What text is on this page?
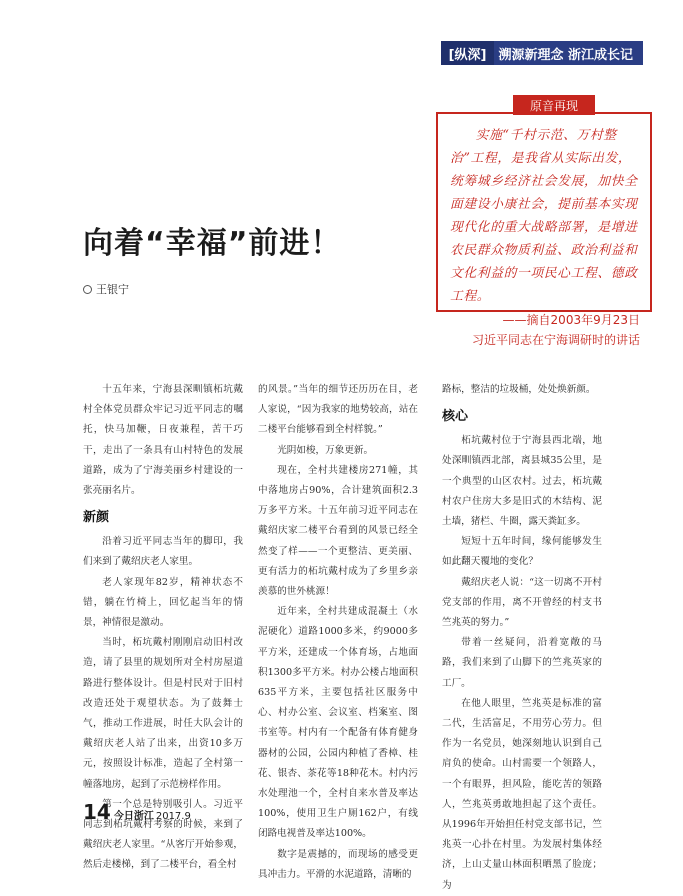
[纵深] 溯源新理念 浙江成长记
实施“千村示范、万村整治”工程，是我省从实际出发，统筹城乡经济社会发展，加快全面建设小康社会，提前基本实现现代化的重大战略部署，是增进农民群众物质利益、政治利益和文化利益的一项民心工程、德政工程。
——摘自2003年9月23日
习近平同志在宁海调研时的讲话
原音再现
向着“幸福”前进！
王银宁

十五年来，宁海县深甽镇柘坑戴村全体党员群众牢记习近平同志的嘱托，快马加鞭，日夜兼程，苦干巧干，走出了一条具有山村特色的发展道路，成为了宁海美丽乡村建设的一张亮丽名片。

新颜

沿着习近平同志当年的脚印，我们来到了戴绍庆老人家里。

老人家现年82岁，精神状态不错，躺在竹椅上，回忆起当年的情景，神情很是激动。

当时，柘坑戴村刚刚启动旧村改造，请了县里的规划所对全村房屋道路进行整体设计。但是村民对于旧村改造还处于观望状态。为了鼓舞士气，推动工作进展，时任大队会计的戴绍庆老人站了出来，出资10多万元，按照设计标准，造起了全村第一幢落地房，起到了示范榜样作用。

第一个总是特别吸引人。习近平同志到柘坑戴村考察的时候，来到了戴绍庆老人家里。“从客厅开始参观，然后走楼梯，到了二楼平台，看全村

的风景。”当年的细节还历历在目，老人家说，“因为我家的地势较高，站在二楼平台能够看到全村样貌。”

光阴如梭，万象更新。

现在，全村共建楼房271幢，其中落地房占90%，合计建筑面积2.3万多平方米。十五年前习近平同志在戴绍庆家二楼平台看到的风景已经全然变了样——一个更整洁、更美丽、更有活力的柘坑戴村成为了乡里乡亲羡慕的世外桃源！

近年来，全村共建成混凝土（水泥硬化）道路1000多米，约9000多平方米，还建成一个体育场，占地面积1300多平方米。村办公楼占地面积635平方米，主要包括社区服务中心、村办公室、会议室、档案室、图书室等。村内有一个配备有体育健身器材的公园，公园内种植了香樟、桂花、银杏、茶花等18种花木。村内污水处理池一个，全村自来水普及率达100%，使用卫生户厕162户，有线闭路电视普及率达100%。

数字是震撼的，而现场的感受更具冲击力。平滑的水泥道路，清晰的

路标，整洁的垃圾桶，处处焕新颜。

核心

柘坑戴村位于宁海县西北端，地处深甽镇西北部，离县城35公里，是一个典型的山区农村。过去，柘坑戴村农户住房大多是旧式的木结构、泥土墙，猪栏、牛圈，露天粪缸多。

短短十五年时间，缘何能够发生如此翻天覆地的变化？

戴绍庆老人说：“这一切离不开村党支部的作用，离不开曾经的村支书竺兆英的努力。”

带着一丝疑问，沿着宽敞的马路，我们来到了山脚下的竺兆英家的工厂。

在他人眼里，竺兆英是标准的富二代，生活富足，不用劳心劳力。但作为一名党员，她深刻地认识到自己肩负的使命。山村需要一个领路人，一个有眼界，担风险，能吃苦的领路人，竺兆英勇敢地担起了这个责任。从1996年开始担任村党支部书记，竺兆英一心扑在村里。为发展村集体经济，上山丈量山林面积晒黑了脸庞；为

14 今日浙江 2017.9
